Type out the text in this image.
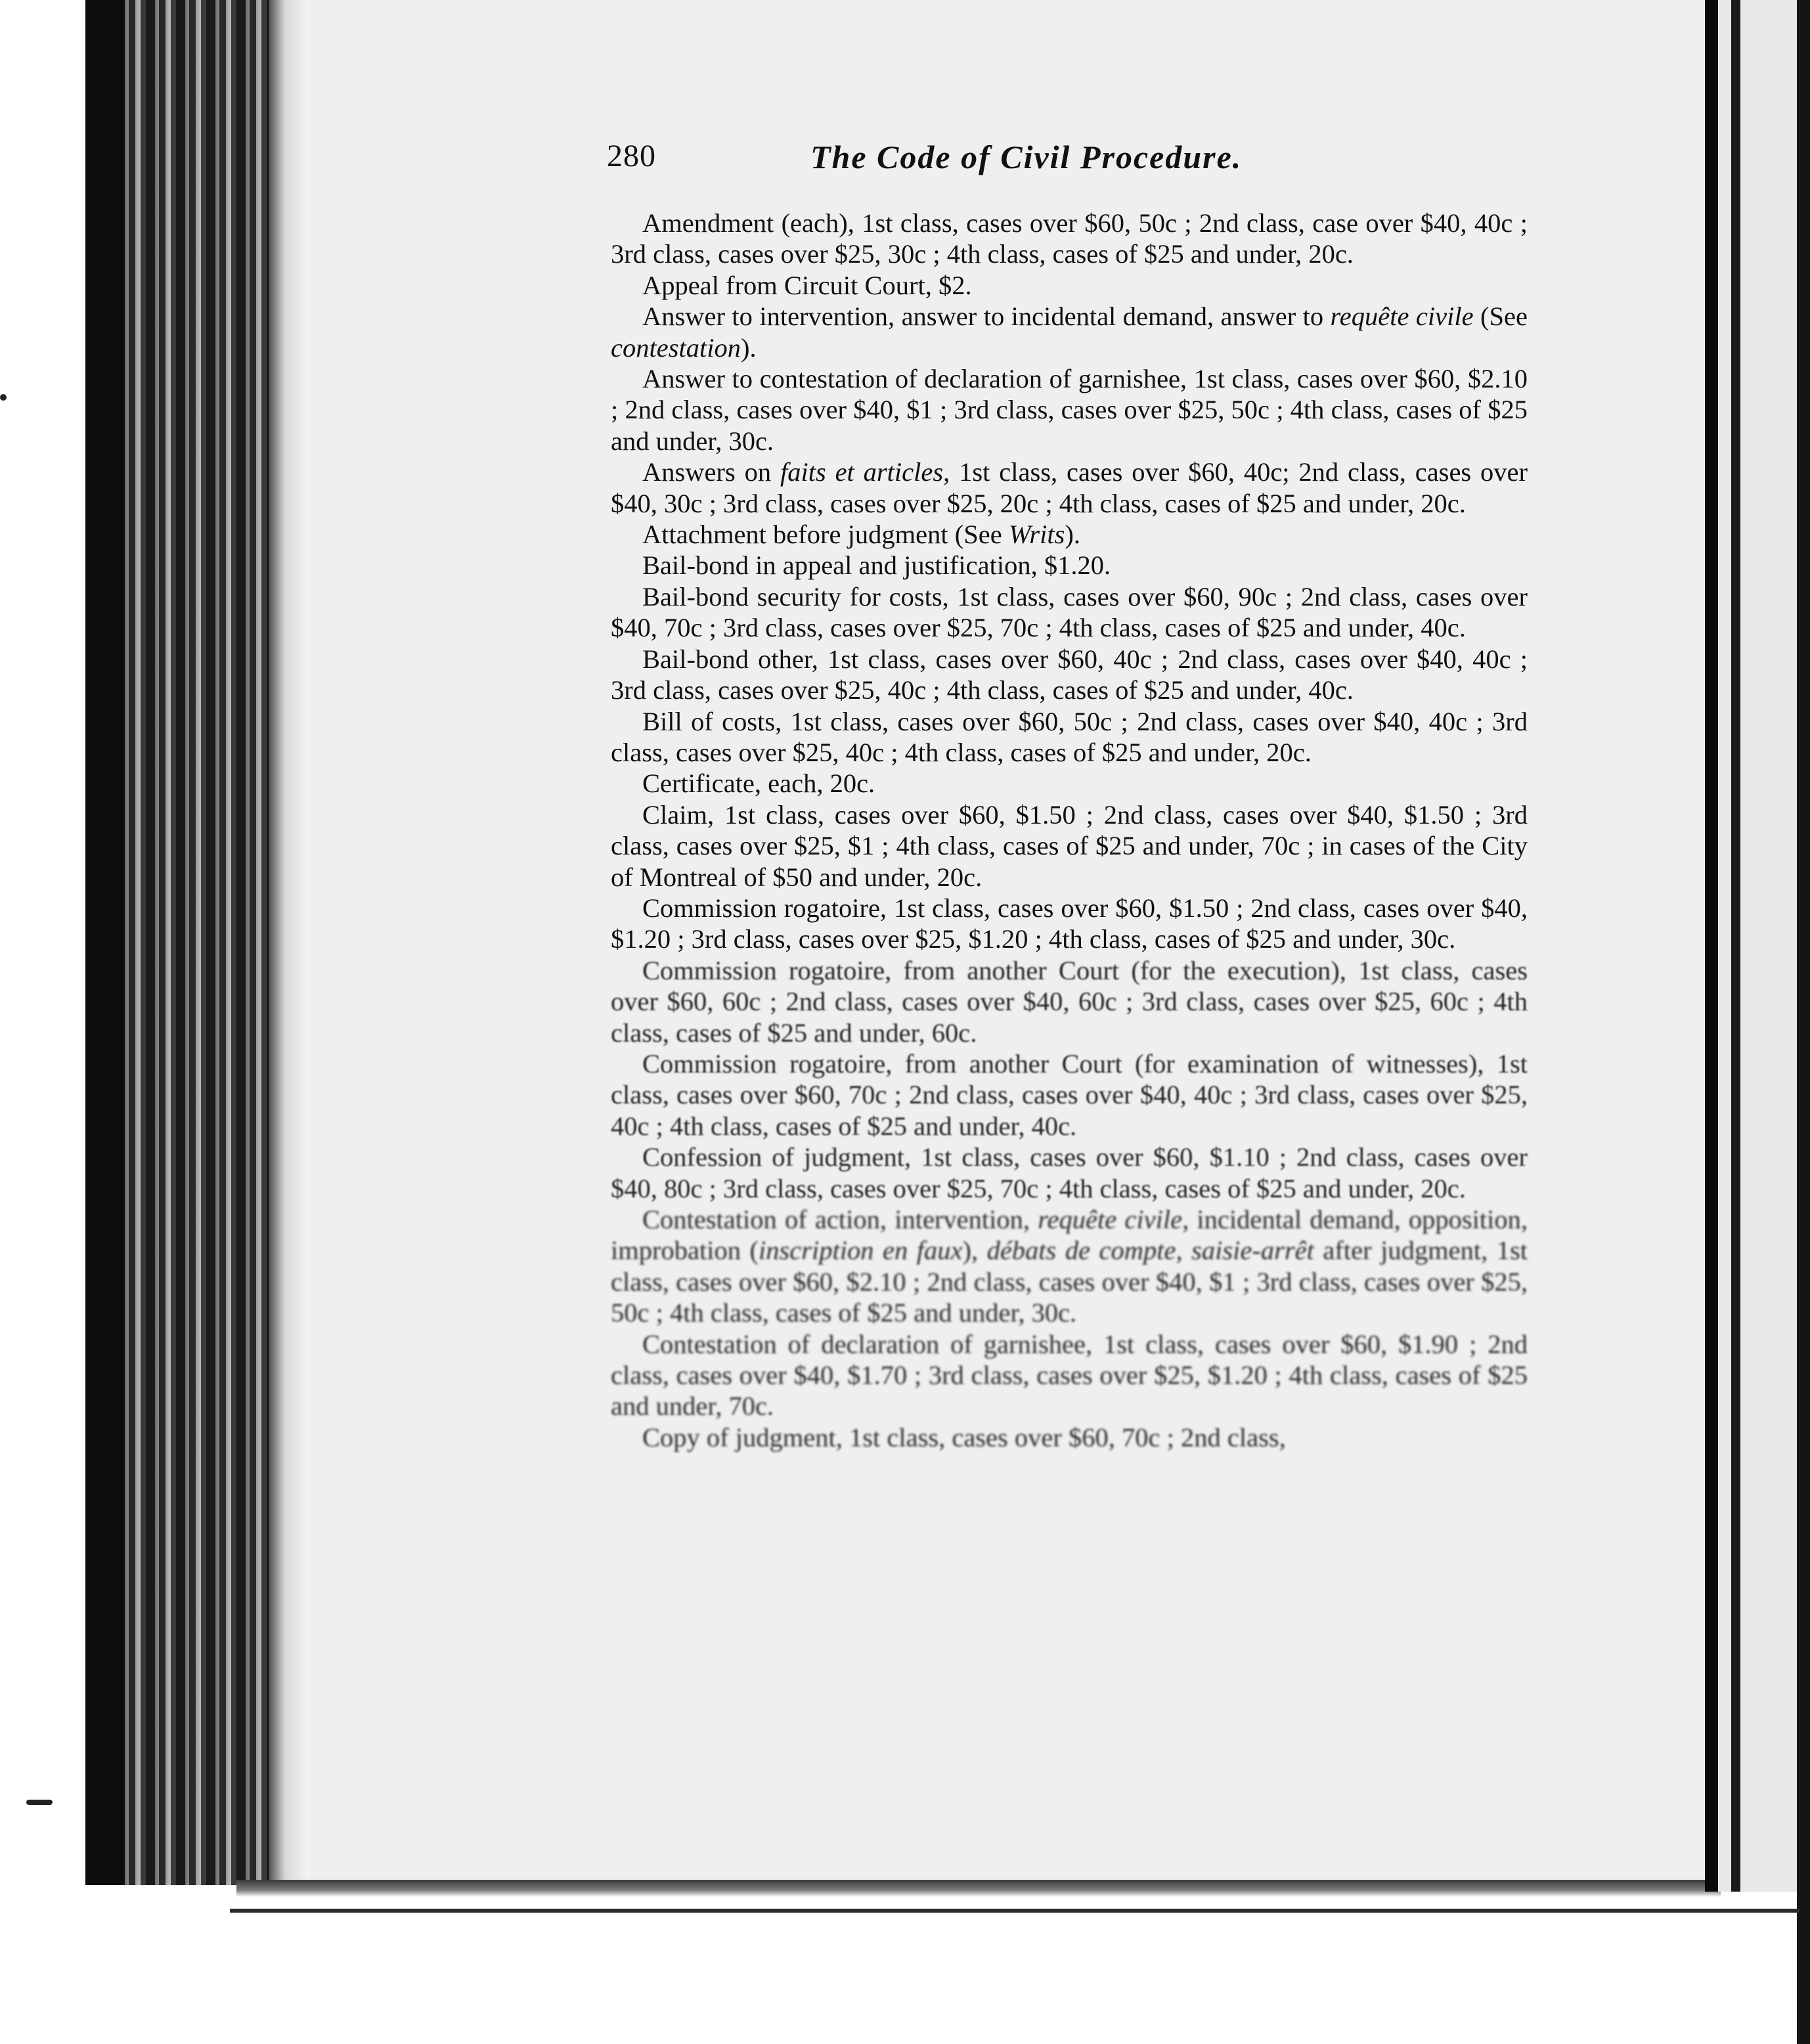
280	The Code of Civil Procedure.

Amendment (each), 1st class, cases over $60, 50c ; 2nd class, case over $40, 40c ; 3rd class, cases over $25, 30c ; 4th class, cases of $25 and under, 20c.

Appeal from Circuit Court, $2.

Answer to intervention, answer to incidental demand, answer to requête civile (See contestation).

Answer to contestation of declaration of garnishee, 1st class, cases over $60, $2.10 ; 2nd class, cases over $40, $1 ; 3rd class, cases over $25, 50c ; 4th class, cases of $25 and under, 30c.

Answers on faits et articles, 1st class, cases over $60, 40c; 2nd class, cases over $40, 30c ; 3rd class, cases over $25, 20c ; 4th class, cases of $25 and under, 20c.

Attachment before judgment (See Writs).

Bail-bond in appeal and justification, $1.20.

Bail-bond security for costs, 1st class, cases over $60, 90c ; 2nd class, cases over $40, 70c ; 3rd class, cases over $25, 70c ; 4th class, cases of $25 and under, 40c.

Bail-bond other, 1st class, cases over $60, 40c ; 2nd class, cases over $40, 40c ; 3rd class, cases over $25, 40c ; 4th class, cases of $25 and under, 40c.

Bill of costs, 1st class, cases over $60, 50c ; 2nd class, cases over $40, 40c ; 3rd class, cases over $25, 40c ; 4th class, cases of $25 and under, 20c.

Certificate, each, 20c.

Claim, 1st class, cases over $60, $1.50 ; 2nd class, cases over $40, $1.50 ; 3rd class, cases over $25, $1 ; 4th class, cases of $25 and under, 70c ; in cases of the City of Montreal of $50 and under, 20c.

Commission rogatoire, 1st class, cases over $60, $1.50 ; 2nd class, cases over $40, $1.20 ; 3rd class, cases over $25, $1.20 ; 4th class, cases of $25 and under, 30c.

Commission rogatoire, from another Court (for the execution), 1st class, cases over $60, 60c ; 2nd class, cases over $40, 60c ; 3rd class, cases over $25, 60c ; 4th class, cases of $25 and under, 60c.

Commission rogatoire, from another Court (for examination of witnesses), 1st class, cases over $60, 70c ; 2nd class, cases over $40, 40c ; 3rd class, cases over $25, 40c ; 4th class, cases of $25 and under, 40c.

Confession of judgment, 1st class, cases over $60, $1.10 ; 2nd class, cases over $40, 80c ; 3rd class, cases over $25, 70c ; 4th class, cases of $25 and under, 20c.

Contestation of action, intervention, requête civile, incidental demand, opposition, improbation (inscription en faux), débats de compte, saisie-arrêt after judgment, 1st class, cases over $60, $2.10 ; 2nd class, cases over $40, $1 ; 3rd class, cases over $25, 50c ; 4th class, cases of $25 and under, 30c.

Contestation of declaration of garnishee, 1st class, cases over $60, $1.90 ; 2nd class, cases over $40, $1.70 ; 3rd class, cases over $25, $1.20 ; 4th class, cases of $25 and under, 70c.

Copy of judgment, 1st class, cases over $60, 70c ; 2nd class,
